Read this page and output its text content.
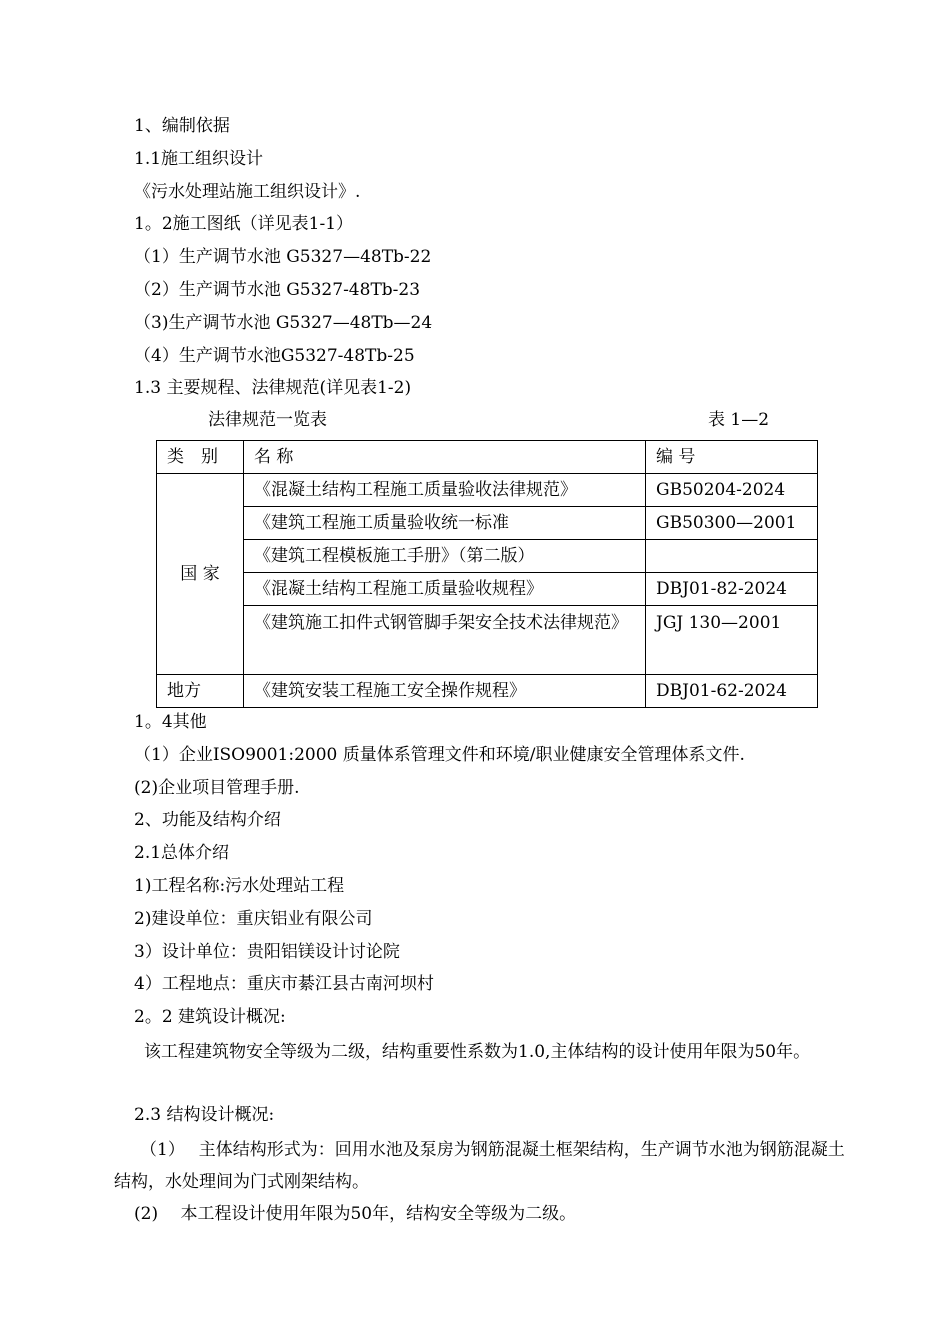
1、编制依据
1.1施工组织设计
《污水处理站施工组织设计》.
1。2施工图纸（详见表1-1）
（1）生产调节水池 G5327—48Tb-22
（2）生产调节水池 G5327-48Tb-23
（3)生产调节水池 G5327—48Tb—24
（4）生产调节水池G5327-48Tb-25
1.3 主要规程、法律规范(详见表1-2)
法律规范一览表	表 1—2
类　别	名 称	编 号
国 家	《混凝土结构工程施工质量验收法律规范》	GB50204-2024
	《建筑工程施工质量验收统一标准	GB50300—2001
	《建筑工程模板施工手册》（第二版）	
	《混凝土结构工程施工质量验收规程》	DBJ01-82-2024
	《建筑施工扣件式钢管脚手架安全技术法律规范》	JGJ 130—2001
地方	《建筑安装工程施工安全操作规程》	DBJ01-62-2024
1。4其他
（1）企业ISO9001:2000 质量体系管理文件和环境/职业健康安全管理体系文件.
(2)企业项目管理手册.
2、功能及结构介绍
2.1总体介绍
1)工程名称:污水处理站工程
2)建设单位：重庆铝业有限公司
3）设计单位：贵阳铝镁设计讨论院
4）工程地点：重庆市綦江县古南河坝村
2。2 建筑设计概况:
该工程建筑物安全等级为二级，结构重要性系数为1.0,主体结构的设计使用年限为50年。
2.3 结构设计概况:
（1）　 主体结构形式为：回用水池及泵房为钢筋混凝土框架结构，生产调节水池为钢筋混凝土结构，水处理间为门式刚架结构。
(2)　 本工程设计使用年限为50年，结构安全等级为二级。
